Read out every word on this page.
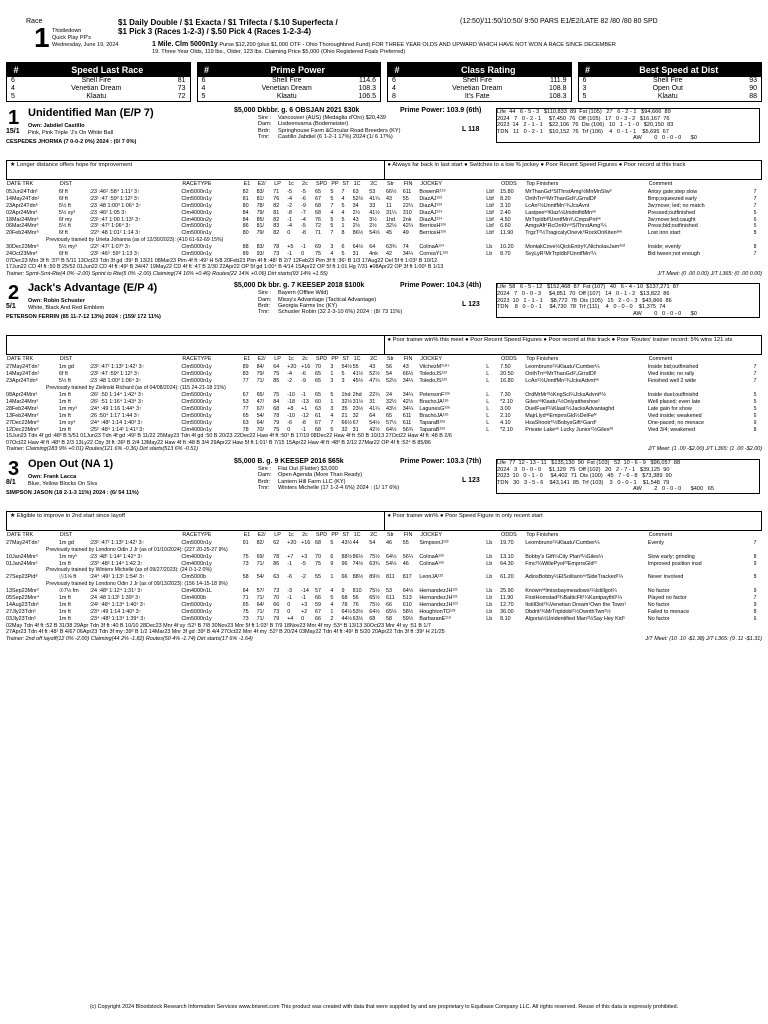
Race
1 Thistledown
Quick Play PP's
Wednesday, June 19, 2024
$1 Daily Double / $1 Exacta / $1 Trifecta / $.10 Superfecta /
$1 Pick 3 (Races 1-2-3) / $.50 Pick 4 (Races 1-2-3-4)
(12:50)/11:50/10:50/ 9:50 PARS E1/E2/LATE 82 /80 /80 80 SPD
1 Mile. Clm 5000n1y Purse $12,200 (plus $1,000 OTF - Ohio Thoroughbred Fund) FOR THREE YEAR OLDS AND UPWARD WHICH HAVE NOT WON A RACE SINCE DECEMBER
19. Three Year Olds, 119 lbs., Older, 123 lbs. Claiming Price $5,000 (Ohio Registered Foals Preferred)
#	Speed Last Race
6	Shell Fire	81
4	Venetian Dream	73
5	Klaatu	72
#	Prime Power
6	Shell Fire	114.6
4	Venetian Dream	108.3
5	Klaatu	106.5
#	Class Rating
6	Shell Fire	111.9
4	Venetian Dream	108.8
8	It's Fate	108.3
#	Best Speed at Dist
6	Shell Fire	93
3	Open Out	90
5	Klaatu	88
1
15/1
Unidentified Man (E/P 7)
Own: Jabdiel Castillo
Pink, Pink Triple 'J's On White Ball
CESPEDES JHORMA (7 0-0-2 0%) 2024 : (0/ 7 0%)
$5,000 Dkbbr. g. 6 OBSJAN 2021 $30k
Sire : Vancouver (AUS) (Medaglia d'Oro) $20,439
Dam: Lisdeenvarna (Bodemeister)
Brdr: Springhouse Farm &Circular Road Breeders (KY)
Trnr: Castillo Jabdiel (6 1-2-1 17%) 2024:(1/ 6 17%)
Prime Power: 103.9 (6th)
L 118
Life  44   6 - 5 - 3   $110,833  89  Fst (105)   27   6 - 2 - 1   $94,666  89
2024   7   0 - 2 - 1     $7,450  76  Off (105)   17   0 - 3 - 2   $16,167  76
2023  14   2 - 1 - 1    $22,106  76  Dis (106)   10   1 - 1 - 0   $20,150  83
TDN   11   0 - 2 - 1    $10,152  76  Trf (106)    4   0 - 1 - 1    $5,695  67
AW        0   0 - 0 - 0      $0
★ Longer distance offers hope for improvement	● Always far back in last start ● Switches to a low % jockey ● Poor Recent Speed Figures ● Poor record at this track
DATE TRK	DIST		RACETYPE	E1	E2/	LP	1c	2c	SPD	PP	ST	1C	2C	Str	FIN	JOCKEY		ODDS	Top Finishers	Comment	
05Jun24Tdn¹	6f ft	:23 :46² :58⁴ 1:11² 3↑	Clm5000n1y	82	83/	71	-5	-5	65	5	7	63	53	66½	611	BowenR¹¹⁹	Lbf	15.80	MrThanGd⁴SlThrstAmg½MnMnSlw³	Antsy gate;step slow	7
14May24Tdn¹	6f ft	:23¹ :47 :59³ 1:12³ 3↑	Clm5000n1y	81	81/	76	-4	-6	67	5	4	52½	41¼	43	55	DiazAJ¹²³	Lbf	8.20	OnthTnⁿᵒMrThanGd²⁄₄GrndDl¹	Bmp;squeezed early	7
23Apr24Tdn⁶	5½ ft	:23 :48 1:00³ 1:06⁴ 3↑	Clm5000n1y	80	78/	82	-2	-9	68	7	5	34	33	11	22¼	DiazAJ¹²³	Lbf	3.10	LcAn²½UnntfMn¹¾JcsAvnt	3w;move; led; no match	7
02Apr24Mnr¹	5½ sy³	:23 :46² 1:05 3↑	Clm4000n1y	84	79/	81	-8	-7	68	4	4	2½	41½	31¼	310	DiazAJ¹²⁴	Lbf	2.40	LastpeeⁿᵒKlaz¼UnidntfidMnⁿᵏ	Pressed;outfinished	5
18Mar24Mnr⁵	6f my	:23¹ :47 1:00 1:13¹ 3↑	Clm4000n2y	84	85/	82	-1	-4	76	5	5	43	3½	1hd	2nk	DiazAJ¹²⁴	Lbf	4.50	MrTrpldbl²UnntfMn³⁄₄CmpsPntⁿᵏ	3w;move;led;caught	6
06Mar24Mnr⁵	5½ ft	:23¹ :47² 1:06⁴ 3↑	Clm5000n1y	86	81/	83	-4	-5	72	5	1	2½	2½	32½	42¼	BerriosH¹²⁶	Lbf	6.60	AmgsAfr¹RcOnKhⁿᵒSlThrstAmg¹¼	Press;bid;outfinished	5
20Feb24Mnr⁵	6f ft	:22³ :48 1:01² 1:14 3↑	Clm5000n1y	80	79/	82	0	-8	71	7	8	86½	54½	45	49	BerriosH¹²⁶	Lbf	11.90	TrgzT²½TragicalyOnevk⁶RockOnKiten³ⁿᵏ	Lost iron start	8
Previously trained by Urieta Johanna (as of 12/30/2023): (410 61-62-69 15%)																					
30Dec23Mnr⁵	5½ my⁵	:22² :47² 1:07² 3↑	Clm5000n1y	88	83/	78	+5	-1	69	3	6	64½	64	63¾	74	ColinaA¹²⁴	Lb	10.20	MontakCove½QickEntry³⁄₄NicholasJam³ⁿᵈ	Inside; evenly	8
24Oct23Mnr²	6f ft	:23¹ :46³ :59³ 1:13 3↑	Clm5000n1y	89	93/	73	-1	0	75	4	5	31	4nk	42	34¼	CorreaYL¹²⁶	Lb	8.70	SvyLyR¹MrTrpldbl²UnntfMn¹¼	Bid tween;not enough	7
07Dec23 Mnr 3f ft :37² B 5/11 13Oct23 Tdn 3f gd :39¹ B 13/21 08Mar23 Pim 4f ft :49¹ H 5/8 20Feb23 Pim 4f ft :48¹ B 2/7 12Feb23 Pim 3f ft :36¹ B 1/3 17Aug22 Del 5f ft 1:03² B 10/12
17Jun22 CD 4f ft :50 B 25/52 01Jun22 CD 4f ft :49² B 34/47 19May22 CD 4f ft :47 B 2/30 22Apr22 OP 5f gd 1:00⁴ B 4/14 15Apr22 OP 5f ft 1:01 Hg 7/31 ●08Apr22 OP 3f ft 1:00² B 1/13
Trainer: Sprnt-Srnt-Rte(4 0% -2.00) Sprint to Rte(5 0% -2.00) Claiming(74 16% +0.46) Routes(22 14% +0.06) Dirt starts(93 14% +1.55)	J/T Meet: (0 .00 0.00) J/T L365: (0 .00 0.00)
2
5/1
Jack's Advantage (E/P 4)
Own: Robin Schuster
White, Black And Red Emblem
PETERSON FERRIN (85 11-7-12 13%) 2024 : (159/ 172 11%)
$5,000 Dk bbr. g. 7 KEESEP 2018 $100k
Sire : Bayern (Offlee Wild)
Dam: Missy's Advantage (Tactical Advantage)
Brdr: Georgia Farms Inc (KY)
Trnr: Schuster Robin (32 2-3-10 6%) 2024 : (8/ 73 11%)
Prime Power: 104.3 (4th)
L 123
Life  58   6 - 5 - 12   $152,468  87  Fst (107)   40   6 - 4 - 10  $137,271  87
2024   7   0 - 0 - 3     $4,851  70  Off (107)   14   0 - 1 - 2   $13,822  86
2023  10   1 - 1 - 1     $8,772  78  Dis (105)   15   2 - 0 - 3   $43,866  86
TDN    8   0 - 0 - 1     $4,730  78  Trf (111)    4   0 - 0 - 0    $1,375  74
AW        0   0 - 0 - 0      $0
● Poor trainer win% this meet ● Poor Recent Speed Figures ● Poor record at this track ● Poor 'Routes' trainer record: 5% wins 121 sts
DATE TRK	DIST		RACETYPE	E1	E2/	LP	1c	2c	SPD	PP	ST	1C	2C	Str	FIN	JOCKEY		ODDS	Top Finishers	Comment	
27May24Tdn⁷	1m gd	:23² :47² 1:13³ 1:42¹ 3↑	Clm5000n1y	89	84/	64	+20	+16	70	3	54½	55	43	56	43	VilchezM¹¹⁸⁺	L	7.50	Leombruno¹¼Klaatu¹Cumber¼	Inside bid;outfinished	7
14May24Tdn¹	6f ft	:23¹ :47 :59³ 1:12³ 3↑	Clm5000n1y	83	79/	75	-4	-6	65	1	5	41½	52½	54	66½	ToledoJS¹²³	L	20.50	OnthTnⁿᵒMrThanGd²⁄₄GrndDl¹	Vied inside; no rally	7
23Apr24Tdn⁶	5½ ft	:23 :48 1:00³ 1:06⁴ 3↑	Clm5000n1y	77	71/	85	-2	-9	65	3	3	45½	47¼	52½	34¼	ToledoJS¹²³	L	16.80	LcAn²½UnntfMn¹¾JcksAdvntⁿᵏ	Finished well 2 wide	7
Previously trained by Zielinski Richard (as of 04/08/2024): (115 24-21-18 21%)																					
08Apr24Mnr¹	1m ft	:26¹ :50 1:14⁴ 1:42⁴ 3↑	Clm5000n1y	67	65/	75	-10	-1	65	5	1hd	2hd	22¼	24	34¼	PetersonF¹²⁶	L	7.30	OrdMrMr³½KngScl¼JcksAdvnt⁸½	Inside duel;outfinishd	5
14Mar24Mnr¹	1m ft	:26¹ :51 1:16⁴ 1:43⁴ 3↑	Clm5000n1y	53	47/	84	-18	-13	60	1	32½	31½	31	32½	42½	BrachoJA¹²⁶	L	*2.10	GiIesⁿᵒKlaatu¹½Onlyattheshoe¹	Well placed; even late	5
28Feb24Mnr¹	1m my⁵	:24⁴ :49 1:16 1:44⁴ 3↑	Clm5000n1y	77	67/	68	+8	+1	63	3	35	23½	41¼	43½	34¼	LagunesG¹²⁶	L	3.00	DuelFuel²¼Klaat¹½JacksAdvantaghd	Late gain for show	5
13Feb24Mnr²	1m ft	:26 :50⁴ 1:17 1:44 3↑	Clm5000n1y	65	54/	78	-10	-12	61	4	21	32	64	65	611	BrachoJA¹²⁶	L	2.10	MajrLlydⁿᵏEmprrsGld½DelFeᴺ	Vied inside; weakened	6
27Dec23Mnr³	1m sy⁴	:24⁴ :48² 1:14 1:40³ 3↑	Clm5000n1y	63	64/	79	-6	-8	67	7	66½	67	54½	57½	611	TaparaB¹²⁶	L	4.10	HsaShootr⁶½BobysGift⁵Gard¹	One-paced; no menace	9
12Dec23Mnr²	1m ft	:25² :48⁴ 1:14¹ 1:41³ 3↑	Clm4000n1y	78	70/	75	0	-1	68	5	32	31	42½	64½	56¾	TaparaB¹²⁶	L	*2.10	Private Lakeⁿᵏ Lucky Junior²½Giles³ᵈ	Vied 3/4; weakened	8
15Jun23 Tdn 4f gd :48² B 5/51 01Jun23 Tdn 4f gd :49² B 11/22 25May23 Tdn 4f gd :50 B 20/23 22Dec22 Haw 4f ft :50³ B 17/19 08Dec22 Haw 4f ft :50 B 10/13 27Oct22 Haw 4f ft :48 B 2/6
07Oct22 Haw 4f ft :48³ B 2/3 13Ly22 Cby 3f ft :36³ B 2/4 13May22 Haw 4f ft :48 B 3/4 29Apr22 Haw 5f ft 1:01¹ B 7/15 15Apr22 Haw 4f ft :48³ B 2/12 27Mar22 OP 4f ft :52⁴ B 85/86
Trainer: Claiming(183 9% +0.01) Routes(121 6% -0.36) Dirt starts(513 6% -0.51)	J/T Meet: (1 .00 -$2.00) J/T L365: (1 .00 -$2.00)
3
8/1
Open Out (NA 1)
Own: Frank Lacca
Blue, Yellow Blocks On Slvs
SIMPSON JASON (18 2-1-3 11%) 2024 : (6/ 54 11%)
$5,000 B. g. 9 KEESEP 2016 $65k
Sire : Flat Out (Flatter) $3,000
Dam: Open Agenda (More Than Ready)
Brdr: Lantern Hill Farm LLC (KY)
Trnr: Winters Michelle (17 1-2-4 6%) 2024 : (1/ 17 6%)
Prime Power: 103.3 (7th)
L 123
Life  77  12 - 13 - 11   $135,130  90  Fst (103)   52  10 - 6 - 9   $96,057  88
2024   3   0 - 0 - 0     $1,129  75  Off (102)   20   2 - 7 - 1   $39,125  90
2023  10   0 - 1 - 0     $4,402  71  Dis (100)   45   7 - 6 - 8   $73,389  90
TDN   30   3 - 5 - 6    $43,141  85  Trf (103)    3   0 - 0 - 1    $1,548  79
AW        2   0 - 0 - 0      $400   65
★ Eligible to improve in 2nd start since layoff	● Poor trainer win% ● Poor Speed Figure in only recent start
DATE TRK	DIST		RACETYPE	E1	E2/	LP	1c	2c	SPD	PP	ST	1C	2C	Str	FIN	JOCKEY		ODDS	Top Finishers	Comment	
27May24Tdn⁷	1m gd	:23² :47² 1:13³ 1:42¹ 3↑	Clm5000n1y	91	82/	62	+20	+16	68	5	43½	44	54	46	55	SimpsonJ¹²³	Lb	19.70	Leombruno¹¼Klaatu¹Cumber¼	Evenly	7
Previously trained by Londono Odin J Jr (as of 01/10/2024): (227 20-25-27 9%)																					
10Jan24Mnr²	1m my⁵	:23 :48¹ 1:14² 1:42⁴ 3↑	Clm4000n1y	75	69/	78	+7	+3	70	6	88½	86½	75½	64½	56¼	ColinaA¹²⁶	Lb	13.10	Bobby's Gift¼City Plan³¼Giles¼	Slow early; grinding	8
01Jan24Mnr¹	1m ft	:23³ :48³ 1:14⁴ 1:42 3↑	Clm4000n1y	73	71/	86	-1	-5	75	9	96	74½	63¾	54½	46	ColinaA¹²⁶	Lb	64.30	Fmc³¼WillePyol²³EmprrsGldᵗᵈ	Improved position insd	9
Previously trained by Winters Michelle (as of 09/27/2023): (24 0-1-2 0%)																					
27Sep23Pid⁸	Ⓐ1⅛ ft	:24⁴ :49¹ 1:13¹ 1:54¹ 3↑	Clm5000b	58	54/	63	-6	-2	55	1	66	88½	89½	811	817	LeonJA¹²²	Lb	61.20	AdiosBobby½ElSolitarioⁿᵒSideTracked¹¼	Never involved	8
Previously trained by Londono Odin J Jr (as of 09/13/2023): (156 14-15-18 9%)																					
13Sep23Mnr²	⑦7½ fm	:24 :48² 1:12⁴ 1:31¹ 3↑	Clm4000n1L	64	57/	73	-3	-14	57	4	9	810	75½	53	64½	HernandezJH¹²¹	Lb	25.90	Knownⁿᵏlmissbaymeadows¹¼lstillgot¼	No factor	9
05Sep23Mnr⁴	1m ft	:24 :48 1:13¹ 1:39³ 3↑	Clm4000b	71	71/	70	-1	-1	66	5	68	56	65½	611	513	HernandezJH¹²¹	Lb	11.90	FirstHomstad²¾BalticFlt¹¼Kantpaythll¹¼	Played no factor	7
14Aug23Tdn⁵	1m ft	:24¹ :48⁴ 1:13⁴ 1:40¹ 3↑	Clm5000n1y	65	64/	66	0	+3	59	4	78	76	75½	66	610	HernandezJH¹²³	Lb	12.70	Itstill3ot¹¾Venetian Dream¹Own the Town¹	No factor	9
27Jly23Tdn⁵	1m ft	:23⁴ :49 1:14 1:40³ 3↑	Clm5000n1y	75	71/	73	0	+2	67	1	64½	53½	64½	65½	58½	HoughtonTD¹²³	Lb	36.00	Dbdrit¹¾MrTripldobl¹½OwnthTwn²½	Failed to menace	8
03Jly23Tdn⁵	1m ft	:23⁴ :48³ 1:13⁴ 1:39⁴ 3↑	Clm5000n1y	73	71/	79	+4	0	66	2	44½	63½	68	58	59½	BarbaranE¹¹⁹	Lb	8.10	Algoria½Unidentified Man³½Say Hey Kid⁵	No factor	6
02May Tdn 4f ft :52 B 31/38 29Apr Tdn 3f ft :40 B 10/10 28Dec23 Mnr 4f sy :52³ B 7/8 30Nov23 Mnr 5f ft 1:03¹ B 7/9 18Nov23 Mnr 4f my :53⁴ B 13/13 30Oct23 Mnr 4f sy :51 B 1/7
27Apr23 Tdn 4f ft :48¹ B 4/67 06Apr23 Tdn 3f my :39³ B 1/2 14Mar23 Mnr 3f gd :39² B 4/4 27Oct22 Mnr 4f my :52³ B 20/24 03May22 Tdn 4f ft :49¹ B 5/20 20Apr22 Tdn 3f ft :39² H 21/25
Trainer: 2nd off layoff(12 0% -2.00) Claiming(44 2% -1.82) Routes(50 4% -1.74) Dirt starts(17 6% -1.64)	J/T Meet: (10 .10 -$1.38) J/T L365: (9 .11 -$1.31)
(c) Copyright 2024 Bloodstock Research Information Services www.brisnet.com This product was created with data that were supplied by and are proprietary to Equibase Company LLC. All rights reserved. Reuse of this data is expressly prohibited.
